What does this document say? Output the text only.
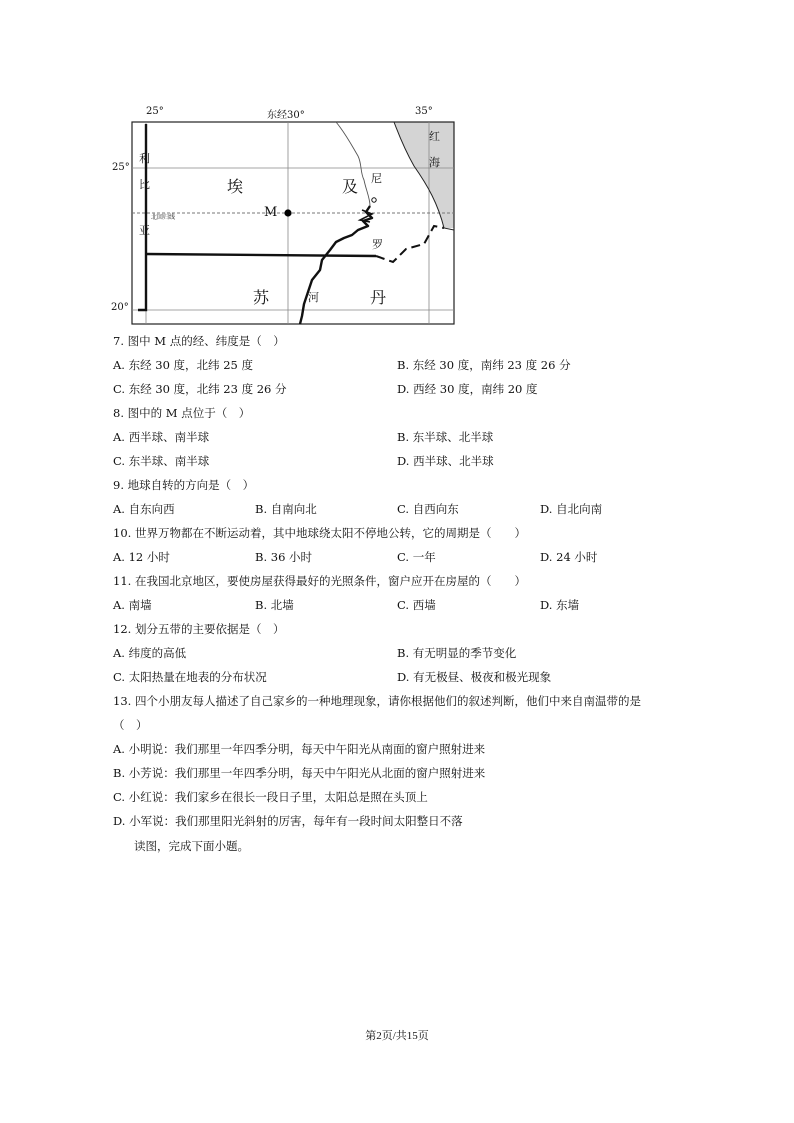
25°	东经30°	35°
25°
20°
利
比
亚
埃	及
苏	丹
红
海
尼
罗
河
北回归线	M
7. 图中 M 点的经、纬度是（　）
A. 东经 30 度，北纬 25 度	B. 东经 30 度，南纬 23 度 26 分
C. 东经 30 度，北纬 23 度 26 分	D. 西经 30 度，南纬 20 度
8. 图中的 M 点位于（　）
A. 西半球、南半球	B. 东半球、北半球
C. 东半球、南半球	D. 西半球、北半球
9. 地球自转的方向是（　）
A. 自东向西	B. 自南向北	C. 自西向东	D. 自北向南
10. 世界万物都在不断运动着，其中地球绕太阳不停地公转，它的周期是（　　）
A. 12 小时	B. 36 小时	C. 一年	D. 24 小时
11. 在我国北京地区，要使房屋获得最好的光照条件，窗户应开在房屋的（　　）
A. 南墙	B. 北墙	C. 西墙	D. 东墙
12. 划分五带的主要依据是（　）
A. 纬度的高低	B. 有无明显的季节变化
C. 太阳热量在地表的分布状况	D. 有无极昼、极夜和极光现象
13. 四个小朋友每人描述了自己家乡的一种地理现象，请你根据他们的叙述判断，他们中来自南温带的是
（　）
A. 小明说：我们那里一年四季分明，每天中午阳光从南面的窗户照射进来
B. 小芳说：我们那里一年四季分明，每天中午阳光从北面的窗户照射进来
C. 小红说：我们家乡在很长一段日子里，太阳总是照在头顶上
D. 小军说：我们那里阳光斜射的厉害，每年有一段时间太阳整日不落
读图，完成下面小题。
第2页/共15页
